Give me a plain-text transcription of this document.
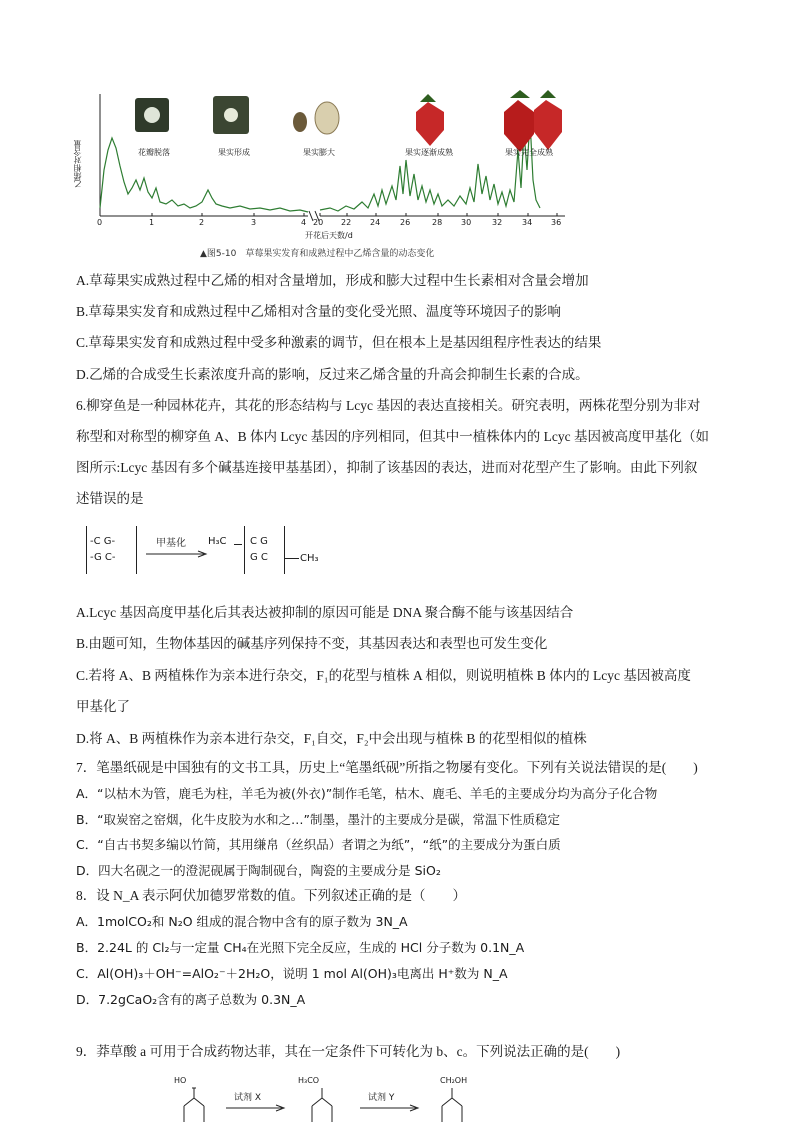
乙烯相对含量	花瓣脱落	果实形成	果实膨大	果实逐渐成熟	果实完全成熟
0	1	2	3	4 20 22 24 26	28 30	32 34 36
开花后天数/d
▲图5-10　草莓果实发育和成熟过程中乙烯含量的动态变化
A.草莓果实成熟过程中乙烯的相对含量增加，形成和膨大过程中生长素相对含量会增加
B.草莓果实发育和成熟过程中乙烯相对含量的变化受光照、温度等环境因子的影响
C.草莓果实发育和成熟过程中受多种激素的调节，但在根本上是基因组程序性表达的结果
D.乙烯的合成受生长素浓度升高的影响，反过来乙烯含量的升高会抑制生长素的合成。
6.柳穿鱼是一种园林花卉，其花的形态结构与 Lcyc 基因的表达直接相关。研究表明，两株花型分别为非对
称型和对称型的柳穿鱼 A、B 体内 Lcyc 基因的序列相同，但其中一植株体内的 Lcyc 基因被高度甲基化（如
图所示:Lcyc 基因有多个碱基连接甲基基团），抑制了该基因的表达，进而对花型产生了影响。由此下列叙
述错误的是
-C G-
-G C-
甲基化 H₃C C G
G C	CH₃
A.Lcyc 基因高度甲基化后其表达被抑制的原因可能是 DNA 聚合酶不能与该基因结合
B.由题可知，生物体基因的碱基序列保持不变，其基因表达和表型也可发生变化
C.若将 A、B 两植株作为亲本进行杂交，F₁的花型与植株 A 相似，则说明植株 B 体内的 Lcyc 基因被高度
甲基化了
D.将 A、B 两植株作为亲本进行杂交，F₁自交，F₂中会出现与植株 B 的花型相似的植株
7．笔墨纸砚是中国独有的文书工具，历史上“笔墨纸砚”所指之物屡有变化。下列有关说法错误的是(　　)
A．“以枯木为管，鹿毛为柱，羊毛为被(外衣)”制作毛笔，枯木、鹿毛、羊毛的主要成分均为高分子化合物
B．“取炭窑之窑烟，化牛皮胶为水和之…”制墨，墨汁的主要成分是碳，常温下性质稳定
C．“自古书契多编以竹简，其用缣帛（丝织品）者谓之为纸”，“纸”的主要成分为蛋白质
D．四大名砚之一的澄泥砚属于陶制砚台，陶瓷的主要成分是 SiO₂
8．设 N_A 表示阿伏加德罗常数的值。下列叙述正确的是（　　）
A．1molCO₂和 N₂O 组成的混合物中含有的原子数为 3N_A
B．2.24L 的 Cl₂与一定量 CH₄在光照下完全反应，生成的 HCl 分子数为 0.1N_A
C．Al(OH)₃＋OH⁻=AlO₂⁻＋2H₂O，说明 1 mol Al(OH)₃电离出 H⁺数为 N_A
D．7.2gCaO₂含有的离子总数为 0.3N_A
9．莽草酸 a 可用于合成药物达菲，其在一定条件下可转化为 b、c。下列说法正确的是(　　)
HO
试剂 X
H₃CO
试剂 Y
CH₂OH
